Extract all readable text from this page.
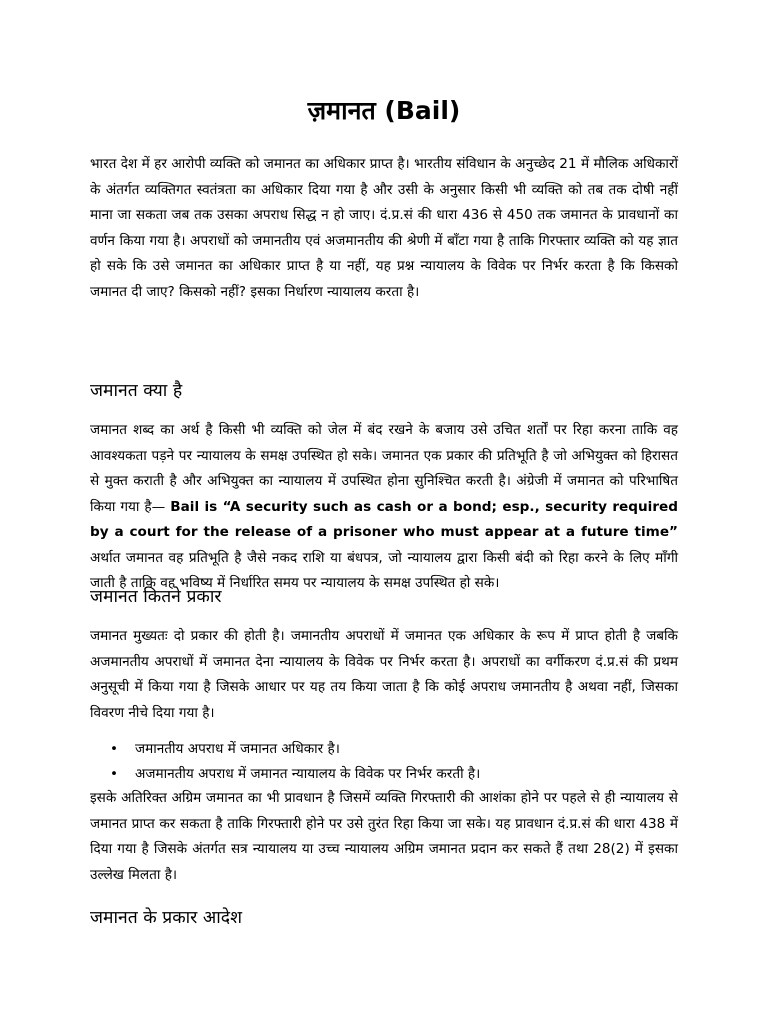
ज़मानत (Bail)

भारत देश में हर आरोपी व्यक्ति को जमानत का अधिकार प्राप्त है। भारतीय संविधान के अनुच्छेद 21 में मौलिक अधिकारों के अंतर्गत व्यक्तिगत स्वतंत्रता का अधिकार दिया गया है और उसी के अनुसार किसी भी व्यक्ति को तब तक दोषी नहीं माना जा सकता जब तक उसका अपराध सिद्ध न हो जाए। दं.प्र.सं की धारा 436 से 450 तक जमानत के प्रावधानों का वर्णन किया गया है। अपराधों को जमानतीय एवं अजमानतीय की श्रेणी में बाँटा गया है ताकि गिरफ्तार व्यक्ति को यह ज्ञात हो सके कि उसे जमानत का अधिकार प्राप्त है या नहीं, यह प्रश्न न्यायालय के विवेक पर निर्भर करता है कि किसको जमानत दी जाए? किसको नहीं? इसका निर्धारण न्यायालय करता है।

जमानत क्या है

जमानत शब्द का अर्थ है किसी भी व्यक्ति को जेल में बंद रखने के बजाय उसे उचित शर्तों पर रिहा करना ताकि वह आवश्यकता पड़ने पर न्यायालय के समक्ष उपस्थित हो सके। जमानत एक प्रकार की प्रतिभूति है जो अभियुक्त को हिरासत से मुक्त कराती है और अभियुक्त का न्यायालय में उपस्थित होना सुनिश्चित करती है। अंग्रेजी में जमानत को परिभाषित किया गया है— Bail is “A security such as cash or a bond; esp., security required by a court for the release of a prisoner who must appear at a future time” अर्थात जमानत वह प्रतिभूति है जैसे नकद राशि या बंधपत्र, जो न्यायालय द्वारा किसी बंदी को रिहा करने के लिए माँगी जाती है ताकि वह भविष्य में निर्धारित समय पर न्यायालय के समक्ष उपस्थित हो सके।

जमानत कितने प्रकार

जमानत मुख्यतः दो प्रकार की होती है। जमानतीय अपराधों में जमानत एक अधिकार के रूप में प्राप्त होती है जबकि अजमानतीय अपराधों में जमानत देना न्यायालय के विवेक पर निर्भर करता है। अपराधों का वर्गीकरण दं.प्र.सं की प्रथम अनुसूची में किया गया है जिसके आधार पर यह तय किया जाता है कि कोई अपराध जमानतीय है अथवा नहीं, जिसका विवरण नीचे दिया गया है।

• जमानतीय अपराध में जमानत अधिकार है।
• अजमानतीय अपराध में जमानत न्यायालय के विवेक पर निर्भर करती है।

इसके अतिरिक्त अग्रिम जमानत का भी प्रावधान है जिसमें व्यक्ति गिरफ्तारी की आशंका होने पर पहले से ही न्यायालय से जमानत प्राप्त कर सकता है ताकि गिरफ्तारी होने पर उसे तुरंत रिहा किया जा सके। यह प्रावधान दं.प्र.सं की धारा 438 में दिया गया है जिसके अंतर्गत सत्र न्यायालय या उच्च न्यायालय अग्रिम जमानत प्रदान कर सकते हैं तथा 28(2) में इसका उल्लेख मिलता है।

जमानत के प्रकार आदेश
